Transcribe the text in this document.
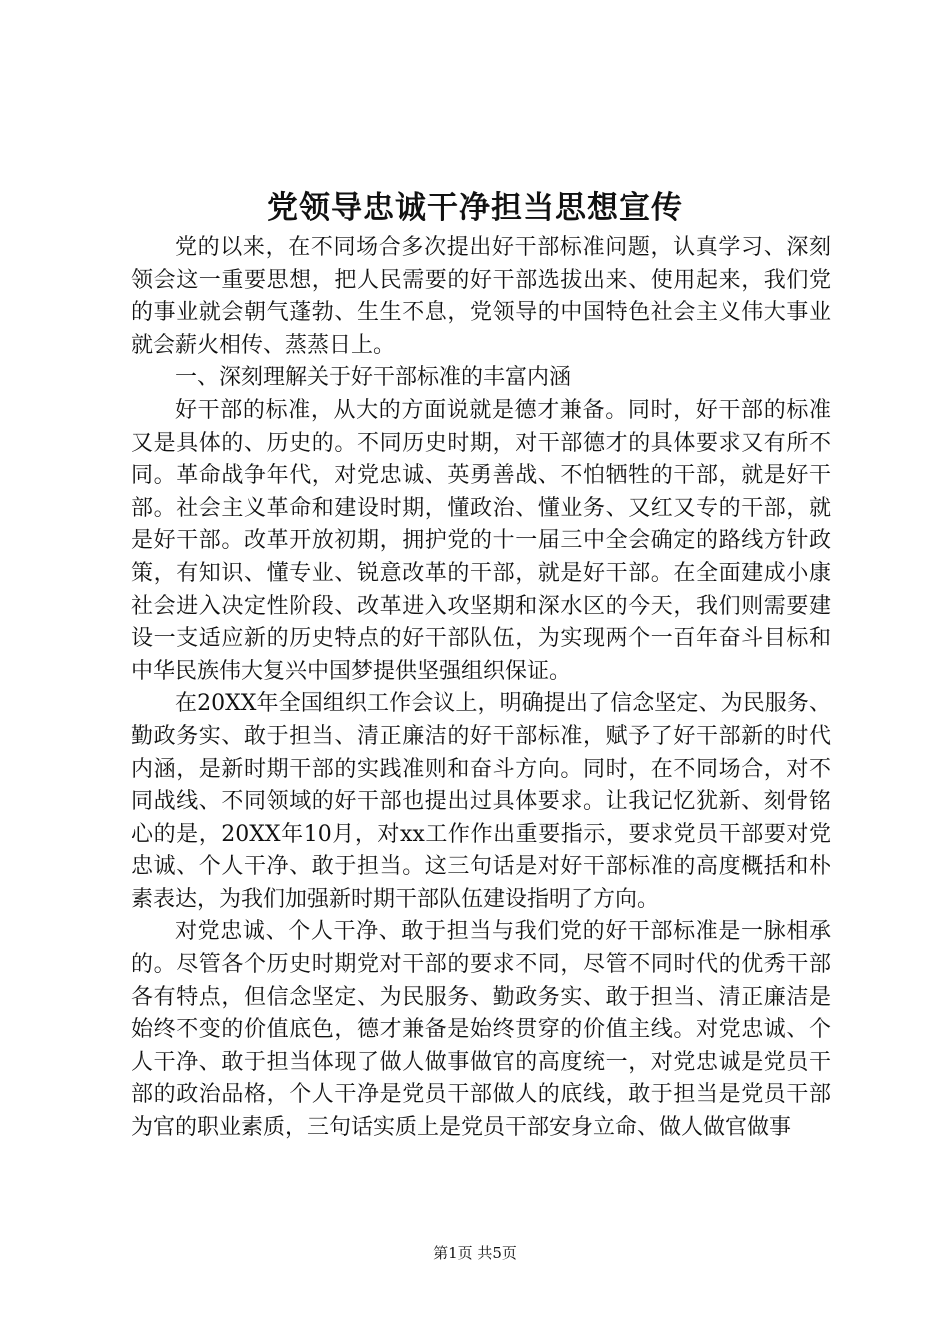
党领导忠诚干净担当思想宣传

党的以来，在不同场合多次提出好干部标准问题，认真学习、深刻领会这一重要思想，把人民需要的好干部选拔出来、使用起来，我们党的事业就会朝气蓬勃、生生不息，党领导的中国特色社会主义伟大事业就会薪火相传、蒸蒸日上。

一、深刻理解关于好干部标准的丰富内涵

好干部的标准，从大的方面说就是德才兼备。同时，好干部的标准又是具体的、历史的。不同历史时期，对干部德才的具体要求又有所不同。革命战争年代，对党忠诚、英勇善战、不怕牺牲的干部，就是好干部。社会主义革命和建设时期，懂政治、懂业务、又红又专的干部，就是好干部。改革开放初期，拥护党的十一届三中全会确定的路线方针政策，有知识、懂专业、锐意改革的干部，就是好干部。在全面建成小康社会进入决定性阶段、改革进入攻坚期和深水区的今天，我们则需要建设一支适应新的历史特点的好干部队伍，为实现两个一百年奋斗目标和中华民族伟大复兴中国梦提供坚强组织保证。

在20XX年全国组织工作会议上，明确提出了信念坚定、为民服务、勤政务实、敢于担当、清正廉洁的好干部标准，赋予了好干部新的时代内涵，是新时期干部的实践准则和奋斗方向。同时，在不同场合，对不同战线、不同领域的好干部也提出过具体要求。让我记忆犹新、刻骨铭心的是，20XX年10月，对xx工作作出重要指示，要求党员干部要对党忠诚、个人干净、敢于担当。这三句话是对好干部标准的高度概括和朴素表达，为我们加强新时期干部队伍建设指明了方向。

对党忠诚、个人干净、敢于担当与我们党的好干部标准是一脉相承的。尽管各个历史时期党对干部的要求不同，尽管不同时代的优秀干部各有特点，但信念坚定、为民服务、勤政务实、敢于担当、清正廉洁是始终不变的价值底色，德才兼备是始终贯穿的价值主线。对党忠诚、个人干净、敢于担当体现了做人做事做官的高度统一，对党忠诚是党员干部的政治品格，个人干净是党员干部做人的底线，敢于担当是党员干部为官的职业素质，三句话实质上是党员干部安身立命、做人做官做事

第1页 共5页
